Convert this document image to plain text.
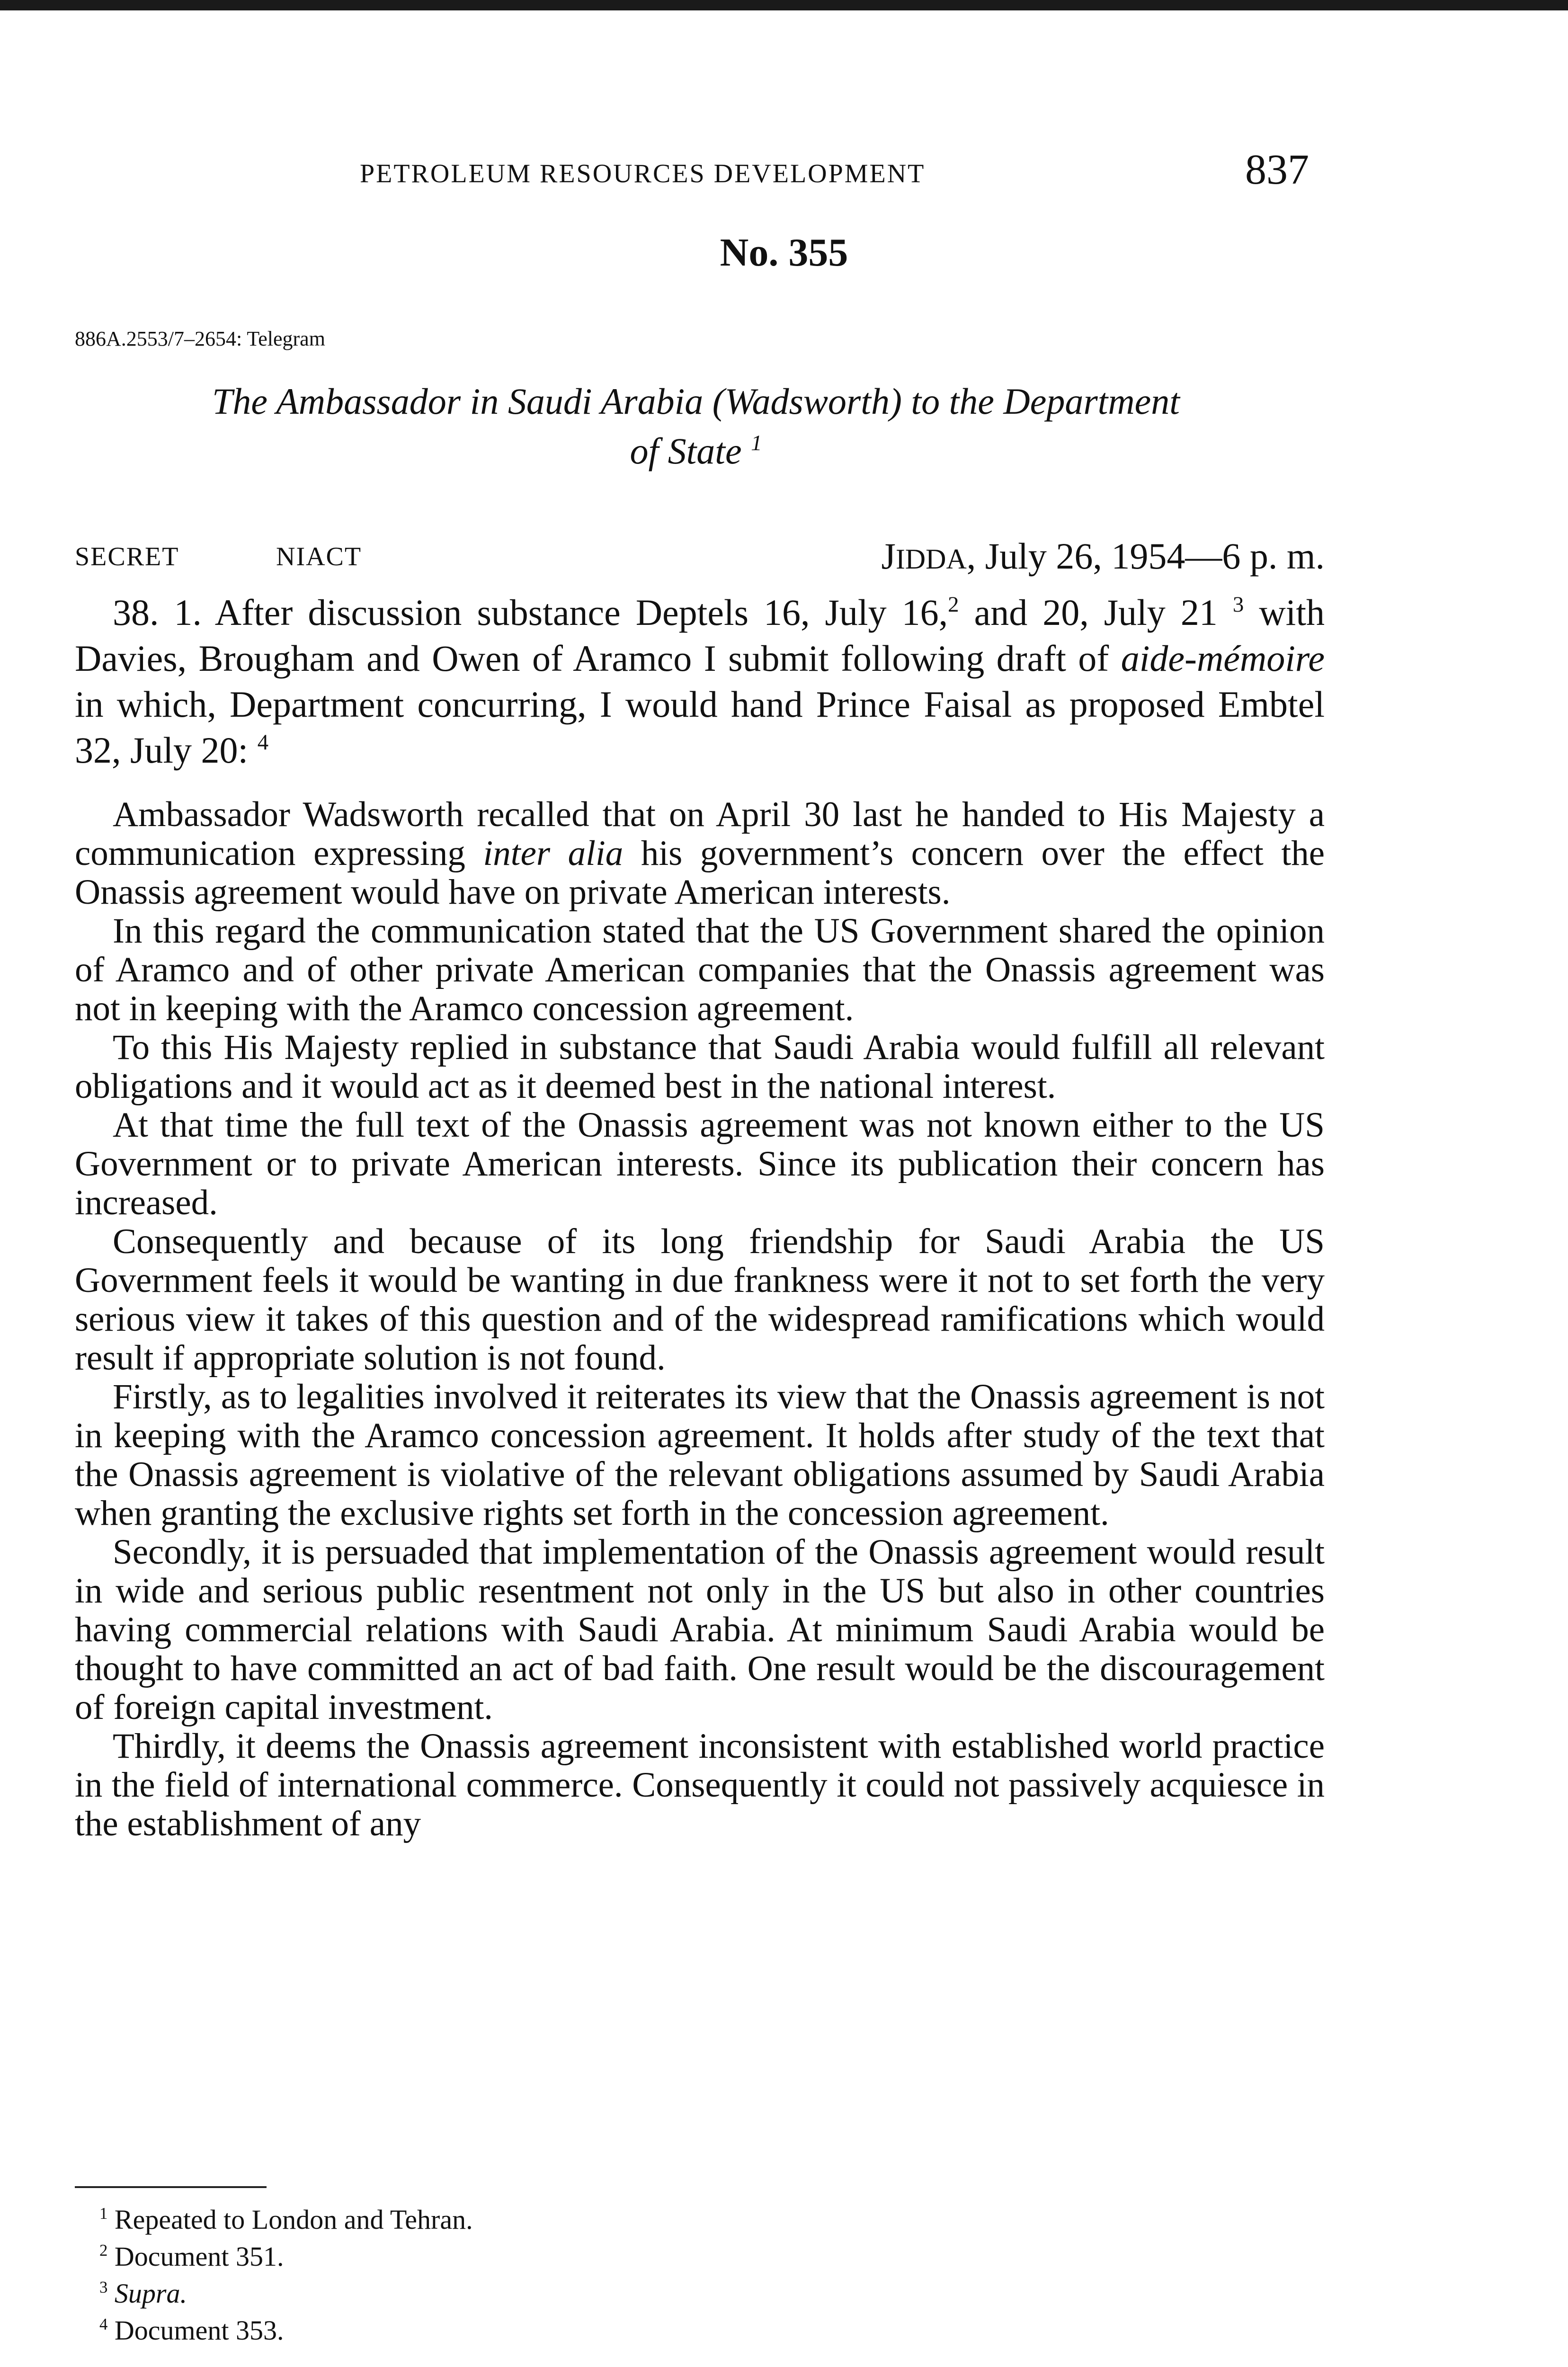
PETROLEUM RESOURCES DEVELOPMENT	837
No. 355
886A.2553/7–2654: Telegram
The Ambassador in Saudi Arabia (Wadsworth) to the Department
of State $^1$
SECRET	NIACT	JIDDA, July 26, 1954—6 p. m.

38. 1. After discussion substance Deptels 16, July 16,$^2$ and 20, July 21 $^3$ with Davies, Brougham and Owen of Aramco I submit following draft of aide-mémoire in which, Department concurring, I would hand Prince Faisal as proposed Embtel 32, July 20: $^4$

Ambassador Wadsworth recalled that on April 30 last he handed to His Majesty a communication expressing inter alia his government’s concern over the effect the Onassis agreement would have on private American interests.

In this regard the communication stated that the US Government shared the opinion of Aramco and of other private American companies that the Onassis agreement was not in keeping with the Aramco concession agreement.

To this His Majesty replied in substance that Saudi Arabia would fulfill all relevant obligations and it would act as it deemed best in the national interest.

At that time the full text of the Onassis agreement was not known either to the US Government or to private American interests. Since its publication their concern has increased.

Consequently and because of its long friendship for Saudi Arabia the US Government feels it would be wanting in due frankness were it not to set forth the very serious view it takes of this question and of the widespread ramifications which would result if appropriate solution is not found.

Firstly, as to legalities involved it reiterates its view that the Onassis agreement is not in keeping with the Aramco concession agreement. It holds after study of the text that the Onassis agreement is violative of the relevant obligations assumed by Saudi Arabia when granting the exclusive rights set forth in the concession agreement.

Secondly, it is persuaded that implementation of the Onassis agreement would result in wide and serious public resentment not only in the US but also in other countries having commercial relations with Saudi Arabia. At minimum Saudi Arabia would be thought to have committed an act of bad faith. One result would be the discouragement of foreign capital investment.

Thirdly, it deems the Onassis agreement inconsistent with established world practice in the field of international commerce. Consequently it could not passively acquiesce in the establishment of any

$^1$ Repeated to London and Tehran.
$^2$ Document 351.
$^3$ Supra.
$^4$ Document 353.
